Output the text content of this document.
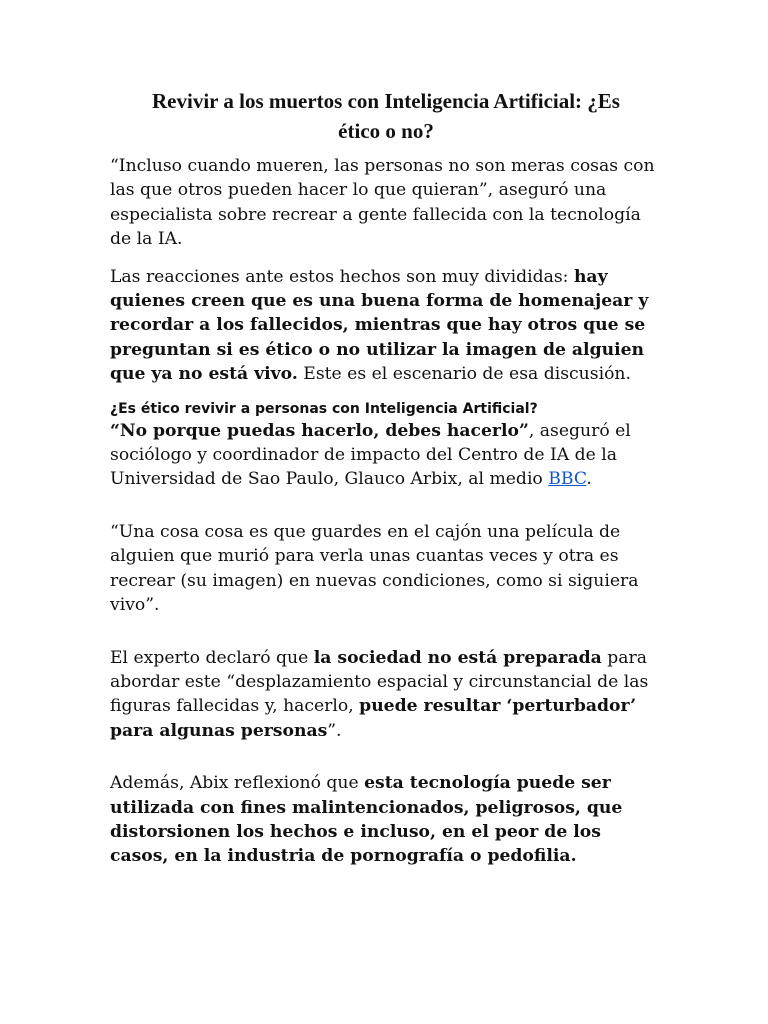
Revivir a los muertos con Inteligencia Artificial: ¿Es
ético o no?

“Incluso cuando mueren, las personas no son meras cosas con las que otros pueden hacer lo que quieran”, aseguró una especialista sobre recrear a gente fallecida con la tecnología de la IA.

Las reacciones ante estos hechos son muy divididas: hay quienes creen que es una buena forma de homenajear y recordar a los fallecidos, mientras que hay otros que se preguntan si es ético o no utilizar la imagen de alguien que ya no está vivo. Este es el escenario de esa discusión.

¿Es ético revivir a personas con Inteligencia Artificial?

“No porque puedas hacerlo, debes hacerlo”, aseguró el sociólogo y coordinador de impacto del Centro de IA de la Universidad de Sao Paulo, Glauco Arbix, al medio BBC.

“Una cosa cosa es que guardes en el cajón una película de alguien que murió para verla unas cuantas veces y otra es recrear (su imagen) en nuevas condiciones, como si siguiera vivo”.

El experto declaró que la sociedad no está preparada para abordar este “desplazamiento espacial y circunstancial de las figuras fallecidas y, hacerlo, puede resultar ‘perturbador’ para algunas personas”.

Además, Abix reflexionó que esta tecnología puede ser utilizada con fines malintencionados, peligrosos, que distorsionen los hechos e incluso, en el peor de los casos, en la industria de pornografía o pedofilia.
